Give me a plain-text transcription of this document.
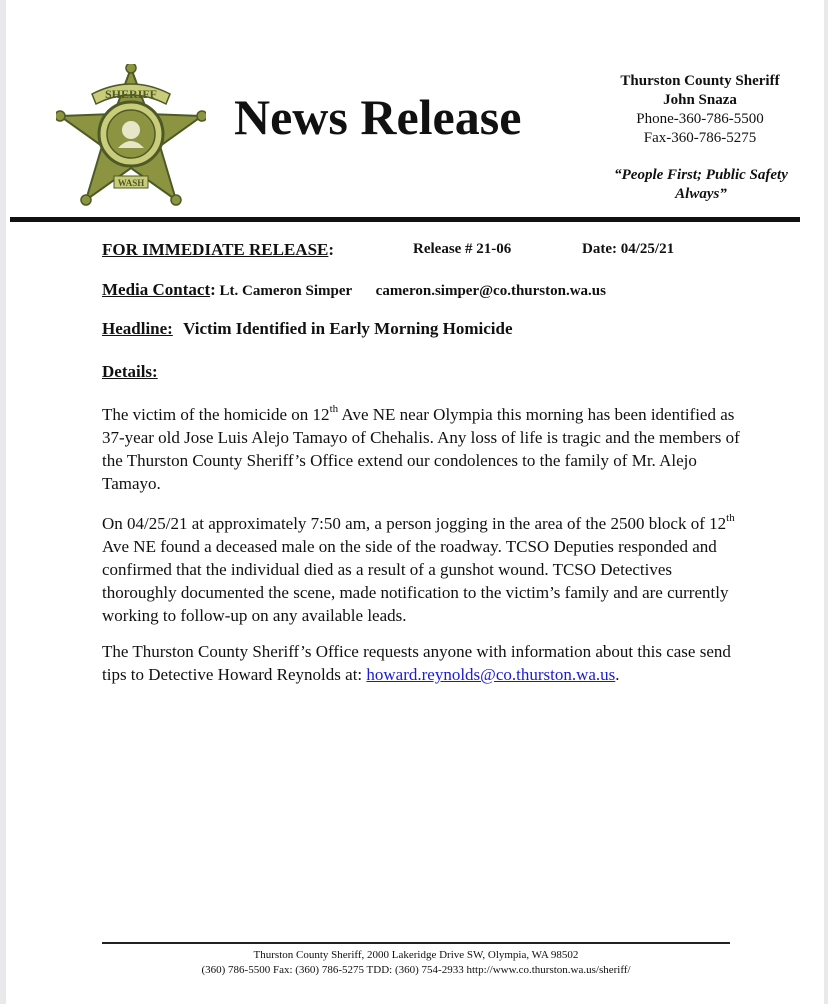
SHERIFF
WASH
News Release
Thurston County Sheriff
John Snaza
Phone-360-786-5500
Fax-360-786-5275
“People First; Public Safety
Always”
FOR IMMEDIATE RELEASE:	Release # 21-06	Date: 04/25/21
Media Contact: Lt. Cameron Simper cameron.simper@co.thurston.wa.us
Headline: Victim Identified in Early Morning Homicide
Details:

The victim of the homicide on 12th Ave NE near Olympia this morning has been identified as 37-year old Jose Luis Alejo Tamayo of Chehalis. Any loss of life is tragic and the members of the Thurston County Sheriff’s Office extend our condolences to the family of Mr. Alejo Tamayo.

On 04/25/21 at approximately 7:50 am, a person jogging in the area of the 2500 block of 12th Ave NE found a deceased male on the side of the roadway. TCSO Deputies responded and confirmed that the individual died as a result of a gunshot wound. TCSO Detectives thoroughly documented the scene, made notification to the victim’s family and are currently working to follow-up on any available leads.

The Thurston County Sheriff’s Office requests anyone with information about this case send tips to Detective Howard Reynolds at: howard.reynolds@co.thurston.wa.us.

Thurston County Sheriff, 2000 Lakeridge Drive SW, Olympia, WA 98502
(360) 786-5500 Fax: (360) 786-5275 TDD: (360) 754-2933 http://www.co.thurston.wa.us/sheriff/
